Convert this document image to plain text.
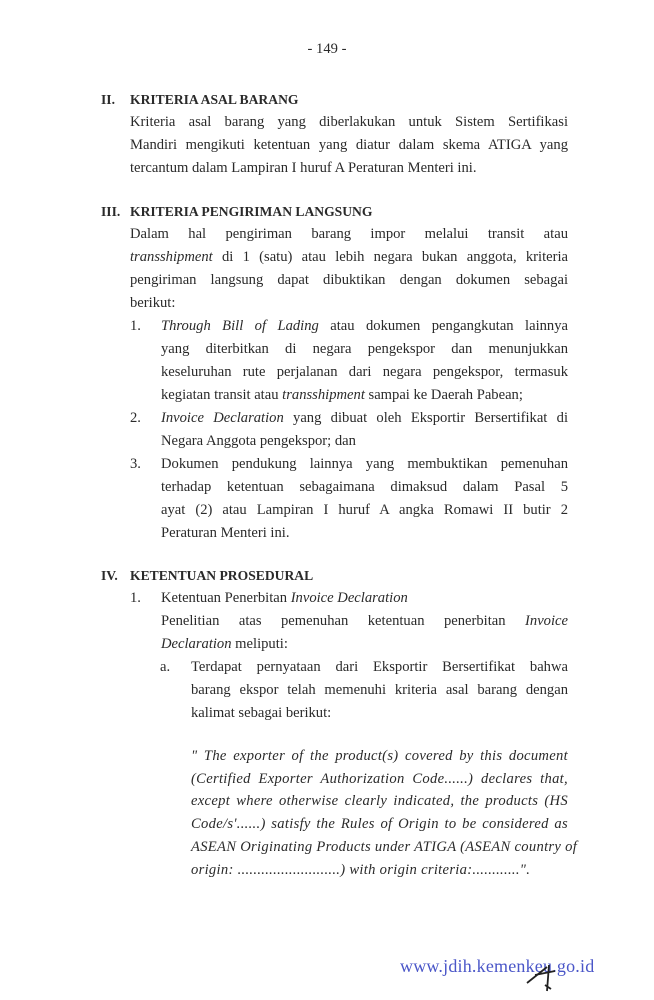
- 149 -
II. KRITERIA ASAL BARANG
Kriteria asal barang yang diberlakukan untuk Sistem Sertifikasi
Mandiri mengikuti ketentuan yang diatur dalam skema ATIGA yang
tercantum dalam Lampiran I huruf A Peraturan Menteri ini.
III. KRITERIA PENGIRIMAN LANGSUNG
Dalam hal pengiriman barang impor melalui transit atau
transshipment di 1 (satu) atau lebih negara bukan anggota, kriteria
pengiriman langsung dapat dibuktikan dengan dokumen sebagai
berikut:
1. Through Bill of Lading atau dokumen pengangkutan lainnya
yang diterbitkan di negara pengekspor dan menunjukkan
keseluruhan rute perjalanan dari negara pengekspor, termasuk
kegiatan transit atau transshipment sampai ke Daerah Pabean;
2. Invoice Declaration yang dibuat oleh Eksportir Bersertifikat di
Negara Anggota pengekspor; dan
3. Dokumen pendukung lainnya yang membuktikan pemenuhan
terhadap ketentuan sebagaimana dimaksud dalam Pasal 5
ayat (2) atau Lampiran I huruf A angka Romawi II butir 2
Peraturan Menteri ini.
IV. KETENTUAN PROSEDURAL
1. Ketentuan Penerbitan Invoice Declaration
Penelitian atas pemenuhan ketentuan penerbitan Invoice
Declaration meliputi:
a. Terdapat pernyataan dari Eksportir Bersertifikat bahwa
barang ekspor telah memenuhi kriteria asal barang dengan
kalimat sebagai berikut:
" The exporter of the product(s) covered by this document
(Certified Exporter Authorization Code......) declares that,
except where otherwise clearly indicated, the products (HS
Code/s'......) satisfy the Rules of Origin to be considered as
ASEAN Originating Products under ATIGA (ASEAN country of
origin: ..........................) with origin criteria:............".
www.jdih.kemenkeu.go.id
